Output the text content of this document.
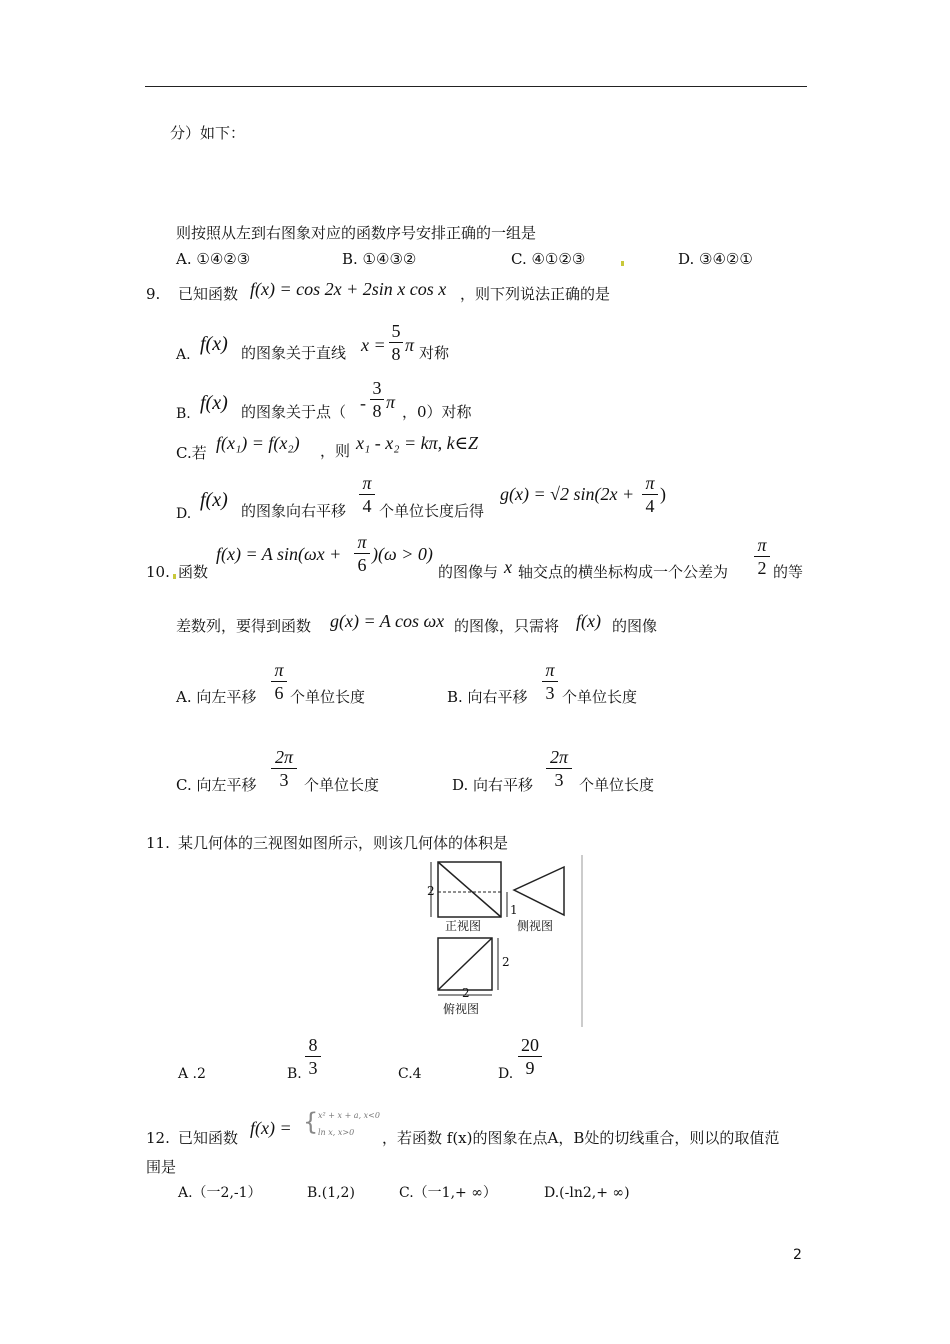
分）如下：
则按照从左到右图象对应的函数序号安排正确的一组是
A. ①④②③	B. ①④③②	C. ④①②③	D. ③④②①
9. 已知函数 f(x) = cos 2x + 2sin x cos x ，则下列说法正确的是
A. f(x) 的图象关于直线 x =
5
8 π 对称
B. f(x) 的图象关于点（ -
3
8 π ，0）对称
C.若 f(x₁) = f(x₂) ，则 x₁ - x₂ = kπ, k∈Z
D.
f(x) 的图象向右平移
π
4 个单位长度后得
g(x) = √2 sin(2x +
π
4
)
10. 函数
f(x) = A sin(ωx +
π
6
)(ω > 0)
的图像与 x 轴交点的横坐标构成一个公差为
π
2 的等
差数列，要得到函数 g(x) = A cos ωx 的图像，只需将 f(x) 的图像
A. 向左平移
π
6 个单位长度	B. 向右平移
π
3 个单位长度
C. 向左平移
2π
3	个单位长度	D. 向右平移
2π
3	个单位长度
11. 某几何体的三视图如图所示，则该几何体的体积是
2
1
正视图	侧视图
2
2
俯视图
A .2	B.
8
3	C.4	D.
20
9
12. 已知函数 f(x) = { x² + x + a, x<0
ln x, x>0 ，若函数 f(x)的图象在点A，B处的切线重合，则以的取值范
围是
A.（一2,-1）	B.(1,2)	C.（一1,+ ∞）	D.(-ln2,+ ∞)
2
